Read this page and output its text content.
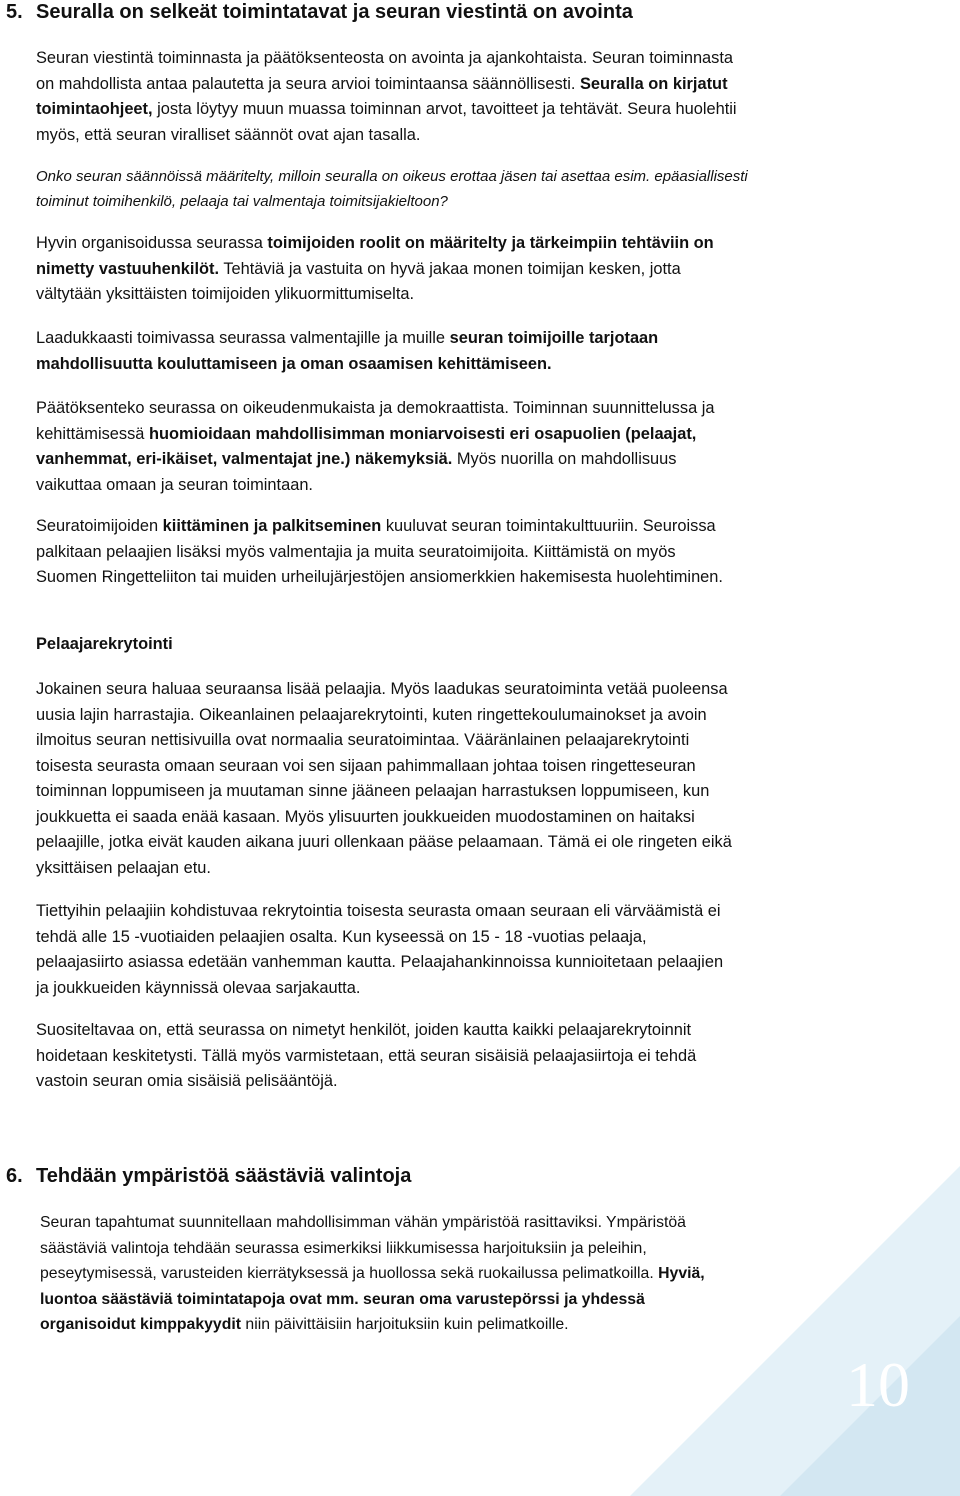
10
5. Seuralla on selkeät toimintatavat ja seuran viestintä on avointa

Seuran viestintä toiminnasta ja päätöksenteosta on avointa ja ajankohtaista. Seuran toiminnasta
on mahdollista antaa palautetta ja seura arvioi toimintaansa säännöllisesti. Seuralla on kirjatut
toimintaohjeet, josta löytyy muun muassa toiminnan arvot, tavoitteet ja tehtävät. Seura huolehtii
myös, että seuran viralliset säännöt ovat ajan tasalla.

Onko seuran säännöissä määritelty, milloin seuralla on oikeus erottaa jäsen tai asettaa esim. epäasiallisesti
toiminut toimihenkilö, pelaaja tai valmentaja toimitsijakieltoon?

Hyvin organisoidussa seurassa toimijoiden roolit on määritelty ja tärkeimpiin tehtäviin on
nimetty vastuuhenkilöt. Tehtäviä ja vastuita on hyvä jakaa monen toimijan kesken, jotta
vältytään yksittäisten toimijoiden ylikuormittumiselta.

Laadukkaasti toimivassa seurassa valmentajille ja muille seuran toimijoille tarjotaan
mahdollisuutta kouluttamiseen ja oman osaamisen kehittämiseen.

Päätöksenteko seurassa on oikeudenmukaista ja demokraattista. Toiminnan suunnittelussa ja
kehittämisessä huomioidaan mahdollisimman moniarvoisesti eri osapuolien (pelaajat,
vanhemmat, eri-ikäiset, valmentajat jne.) näkemyksiä. Myös nuorilla on mahdollisuus
vaikuttaa omaan ja seuran toimintaan.

Seuratoimijoiden kiittäminen ja palkitseminen kuuluvat seuran toimintakulttuuriin. Seuroissa
palkitaan pelaajien lisäksi myös valmentajia ja muita seuratoimijoita. Kiittämistä on myös
Suomen Ringetteliiton tai muiden urheilujärjestöjen ansiomerkkien hakemisesta huolehtiminen.

Pelaajarekrytointi

Jokainen seura haluaa seuraansa lisää pelaajia. Myös laadukas seuratoiminta vetää puoleensa
uusia lajin harrastajia. Oikeanlainen pelaajarekrytointi, kuten ringettekoulumainokset ja avoin
ilmoitus seuran nettisivuilla ovat normaalia seuratoimintaa. Vääränlainen pelaajarekrytointi
toisesta seurasta omaan seuraan voi sen sijaan pahimmallaan johtaa toisen ringetteseuran
toiminnan loppumiseen ja muutaman sinne jääneen pelaajan harrastuksen loppumiseen, kun
joukkuetta ei saada enää kasaan. Myös ylisuurten joukkueiden muodostaminen on haitaksi
pelaajille, jotka eivät kauden aikana juuri ollenkaan pääse pelaamaan. Tämä ei ole ringeten eikä
yksittäisen pelaajan etu.

Tiettyihin pelaajiin kohdistuvaa rekrytointia toisesta seurasta omaan seuraan eli värväämistä ei
tehdä alle 15 -vuotiaiden pelaajien osalta. Kun kyseessä on 15 - 18 -vuotias pelaaja,
pelaajasiirto asiassa edetään vanhemman kautta. Pelaajahankinnoissa kunnioitetaan pelaajien
ja joukkueiden käynnissä olevaa sarjakautta.

Suositeltavaa on, että seurassa on nimetyt henkilöt, joiden kautta kaikki pelaajarekrytoinnit
hoidetaan keskitetysti. Tällä myös varmistetaan, että seuran sisäisiä pelaajasiirtoja ei tehdä
vastoin seuran omia sisäisiä pelisääntöjä.

6. Tehdään ympäristöä säästäviä valintoja

Seuran tapahtumat suunnitellaan mahdollisimman vähän ympäristöä rasittaviksi. Ympäristöä
säästäviä valintoja tehdään seurassa esimerkiksi liikkumisessa harjoituksiin ja peleihin,
peseytymisessä, varusteiden kierrätyksessä ja huollossa sekä ruokailussa pelimatkoilla. Hyviä,
luontoa säästäviä toimintatapoja ovat mm. seuran oma varustepörssi ja yhdessä
organisoidut kimppakyydit niin päivittäisiin harjoituksiin kuin pelimatkoille.
